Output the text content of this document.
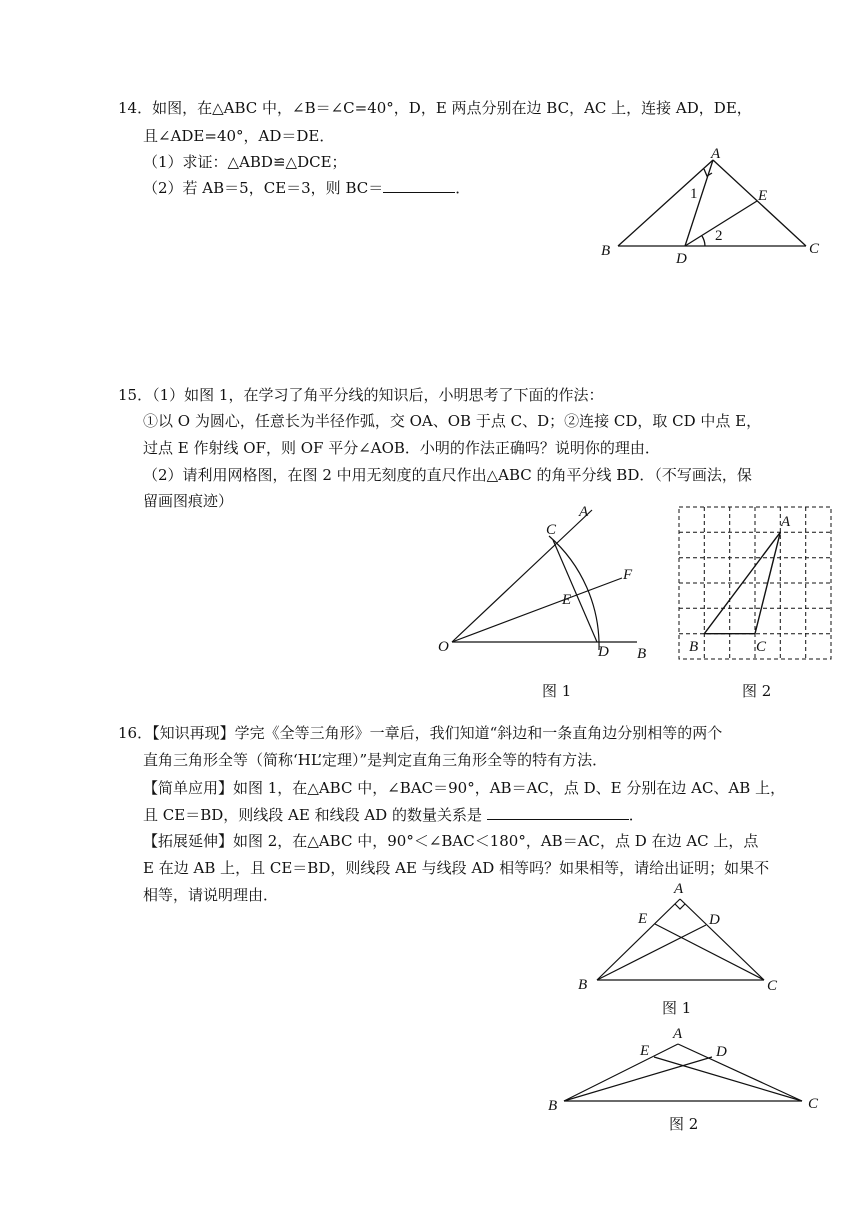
14．如图，在△ABC 中，∠B＝∠C=40°，D，E 两点分别在边 BC，AC 上，连接 AD，DE，
且∠ADE=40°，AD＝DE．
（1）求证：△ABD≌△DCE；
（2）若 AB＝5，CE＝3，则 BC＝	．
A
B	C
D
E
1
2
15．（1）如图 1，在学习了角平分线的知识后，小明思考了下面的作法：
①以 O 为圆心，任意长为半径作弧，交 OA、OB 于点 C、D；②连接 CD，取 CD 中点 E，
过点 E 作射线 OF，则 OF 平分∠AOB．小明的作法正确吗？说明你的理由．
（2）请利用网格图，在图 2 中用无刻度的直尺作出△ABC 的角平分线 BD．（不写画法，保
留画图痕迹）
O
A
B
C
D
E
F
图 1
A
B	C
图 2
16．【知识再现】学完《全等三角形》一章后，我们知道“斜边和一条直角边分别相等的两个
直角三角形全等（简称‘HL’定理）”是判定直角三角形全等的特有方法．
【简单应用】如图 1，在△ABC 中，∠BAC＝90°，AB＝AC，点 D、E 分别在边 AC、AB 上，
且 CE＝BD，则线段 AE 和线段 AD 的数量关系是	．
【拓展延伸】如图 2，在△ABC 中，90°＜∠BAC＜180°，AB＝AC，点 D 在边 AC 上，点
E 在边 AB 上，且 CE＝BD，则线段 AE 与线段 AD 相等吗？如果相等，请给出证明；如果不
相等，请说明理由．	A
B	C
D
E
图 1
A
B	C
D
E
图 2
